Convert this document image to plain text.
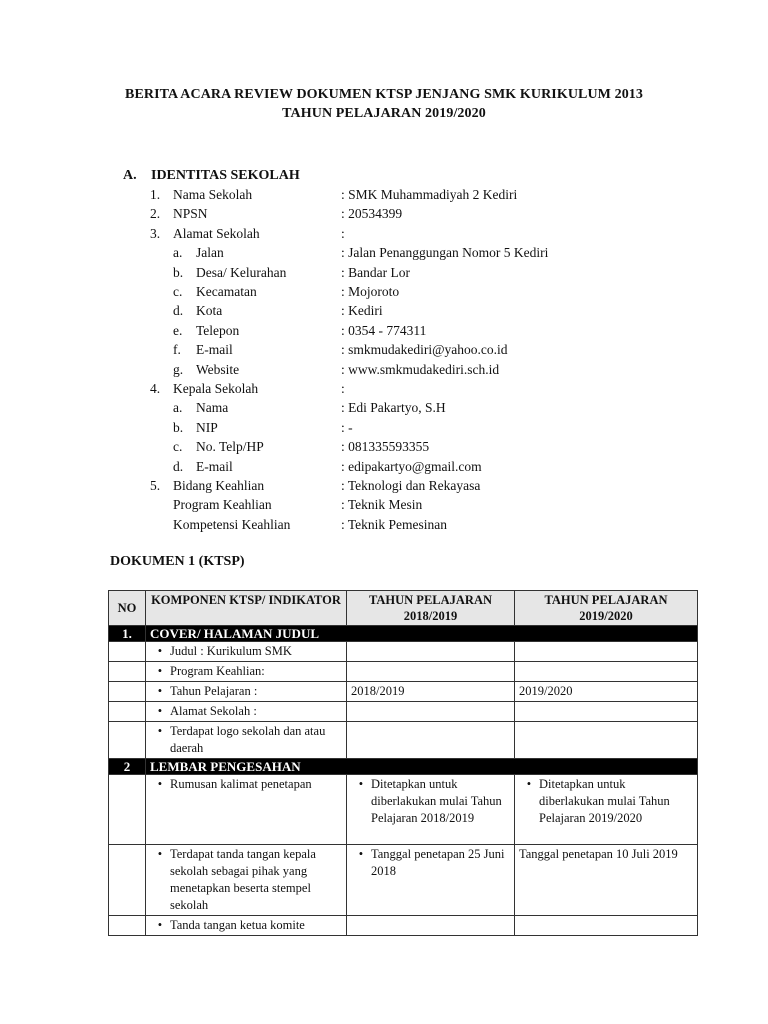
BERITA ACARA REVIEW DOKUMEN KTSP JENJANG SMK KURIKULUM 2013
TAHUN PELAJARAN 2019/2020
A. IDENTITAS SEKOLAH
1. Nama Sekolah	: SMK Muhammadiyah 2 Kediri
2. NPSN	: 20534399
3. Alamat Sekolah	:
a. Jalan	: Jalan Penanggungan Nomor 5 Kediri
b. Desa/ Kelurahan	: Bandar Lor
c. Kecamatan	: Mojoroto
d. Kota	: Kediri
e. Telepon	: 0354 - 774311
f. E-mail	: smkmudakediri@yahoo.co.id
g. Website	: www.smkmudakediri.sch.id
4. Kepala Sekolah	:
a. Nama	: Edi Pakartyo, S.H
b. NIP	: -
c. No. Telp/HP	: 081335593355
d. E-mail	: edipakartyo@gmail.com
5. Bidang Keahlian	: Teknologi dan Rekayasa
Program Keahlian	: Teknik Mesin
Kompetensi Keahlian	: Teknik Pemesinan
DOKUMEN 1 (KTSP)
NO	KOMPONEN KTSP/ INDIKATOR	TAHUN PELAJARAN 2018/2019	TAHUN PELAJARAN 2019/2020
1.	COVER/ HALAMAN JUDUL		

	• Judul : Kurikulum SMK		

	• Program Keahlian:		

	• Tahun Pelajaran :	2018/2019	2019/2020

	• Alamat Sekolah :		

	• Terdapat logo sekolah dan atau daerah		

2	LEMBAR PENGESAHAN		

	• Rumusan kalimat penetapan	• Ditetapkan untuk diberlakukan mulai Tahun Pelajaran 2018/2019	• Ditetapkan untuk diberlakukan mulai Tahun Pelajaran 2019/2020

	• Terdapat tanda tangan kepala sekolah sebagai pihak yang menetapkan beserta stempel sekolah	• Tanggal penetapan 25 Juni 2018	Tanggal penetapan 10 Juli 2019

	• Tanda tangan ketua komite		
